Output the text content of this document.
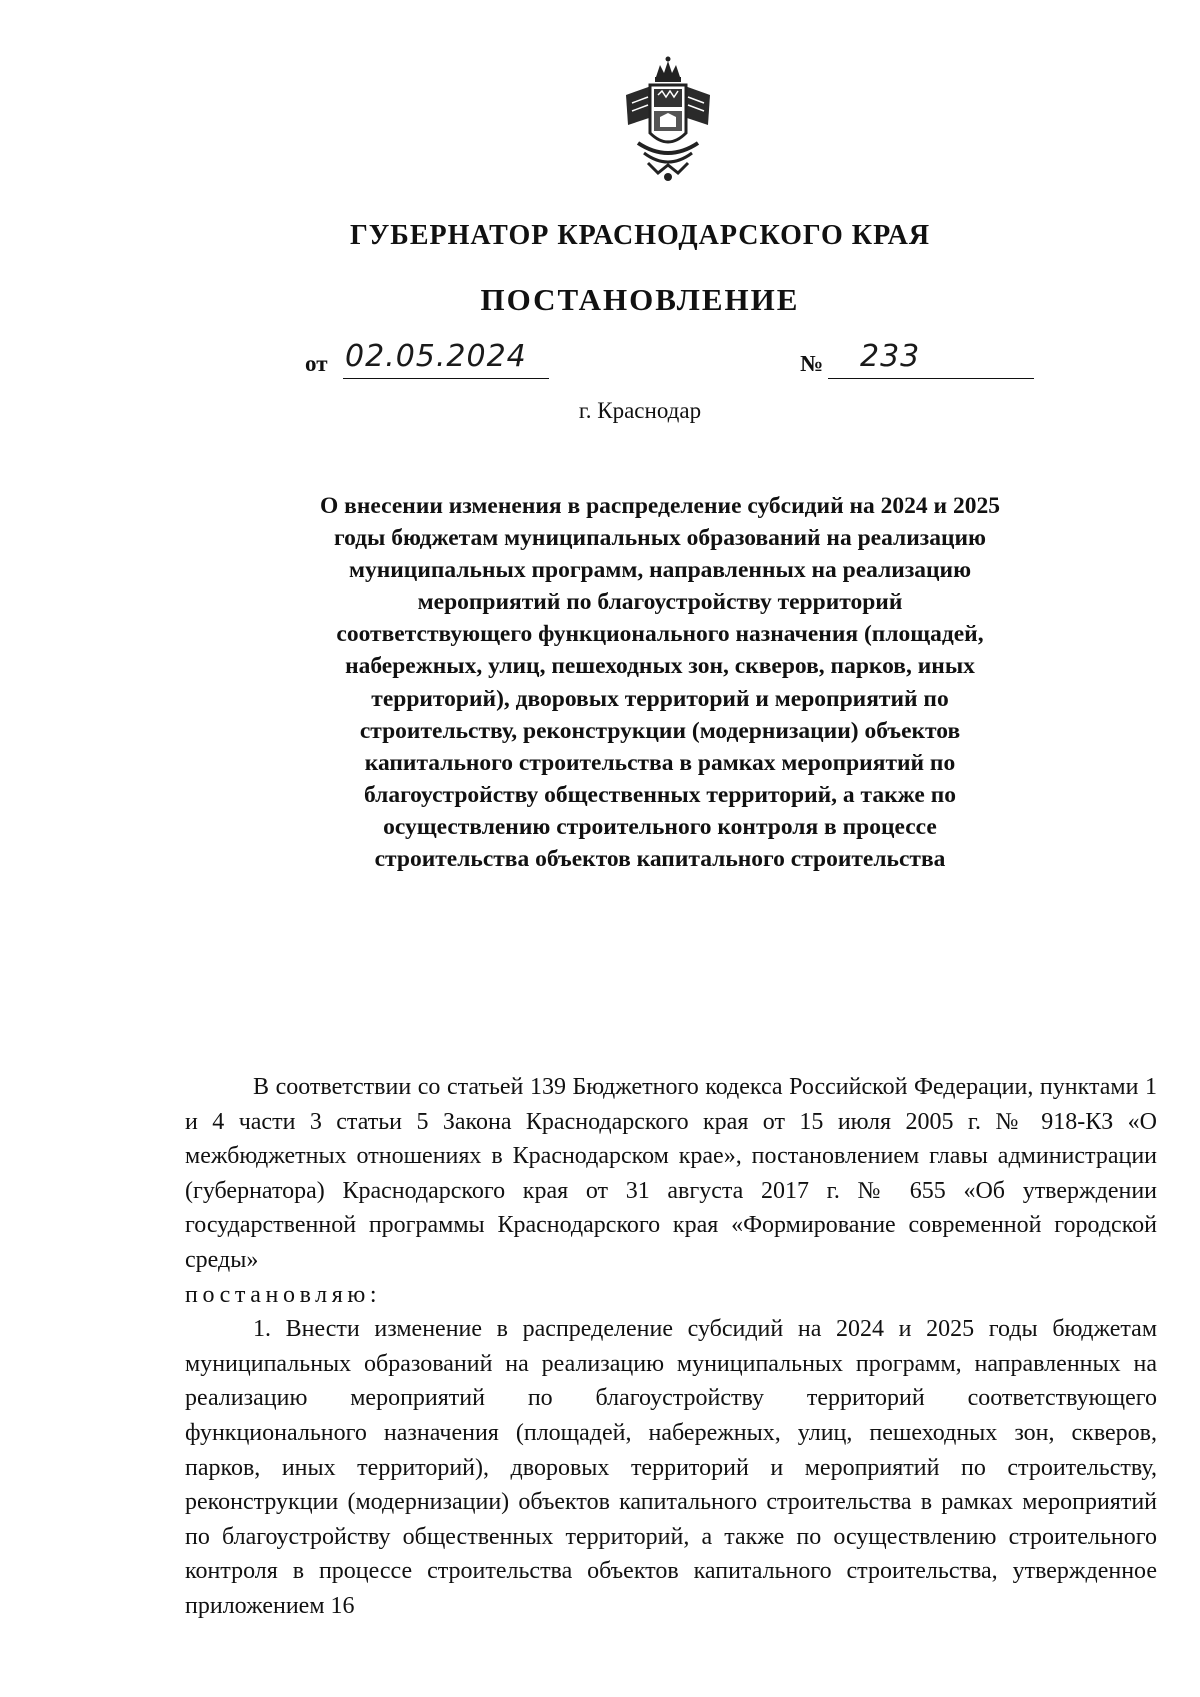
ГУБЕРНАТОР КРАСНОДАРСКОГО КРАЯ
ПОСТАНОВЛЕНИЕ
от 02.05.2024	№ 233
г. Краснодар
О внесении изменения в распределение субсидий на 2024 и 2025 годы бюджетам муниципальных образований на реализацию муниципальных программ, направленных на реализацию мероприятий по благоустройству территорий соответствующего функционального назначения (площадей, набережных, улиц, пешеходных зон, скверов, парков, иных территорий), дворовых территорий и мероприятий по строительству, реконструкции (модернизации) объектов капитального строительства в рамках мероприятий по благоустройству общественных территорий, а также по осуществлению строительного контроля в процессе строительства объектов капитального строительства

В соответствии со статьей 139 Бюджетного кодекса Российской Федерации, пунктами 1 и 4 части 3 статьи 5 Закона Краснодарского края от 15 июля 2005 г. № 918-КЗ «О межбюджетных отношениях в Краснодарском крае», постановлением главы администрации (губернатора) Краснодарского края от 31 августа 2017 г. № 655 «Об утверждении государственной программы Краснодарского края «Формирование современной городской среды»

постановляю:

1. Внести изменение в распределение субсидий на 2024 и 2025 годы бюджетам муниципальных образований на реализацию муниципальных программ, направленных на реализацию мероприятий по благоустройству территорий соответствующего функционального назначения (площадей, набережных, улиц, пешеходных зон, скверов, парков, иных территорий), дворовых территорий и мероприятий по строительству, реконструкции (модернизации) объектов капитального строительства в рамках мероприятий по благоустройству общественных территорий, а также по осуществлению строительного контроля в процессе строительства объектов капитального строительства, утвержденное приложением 16
